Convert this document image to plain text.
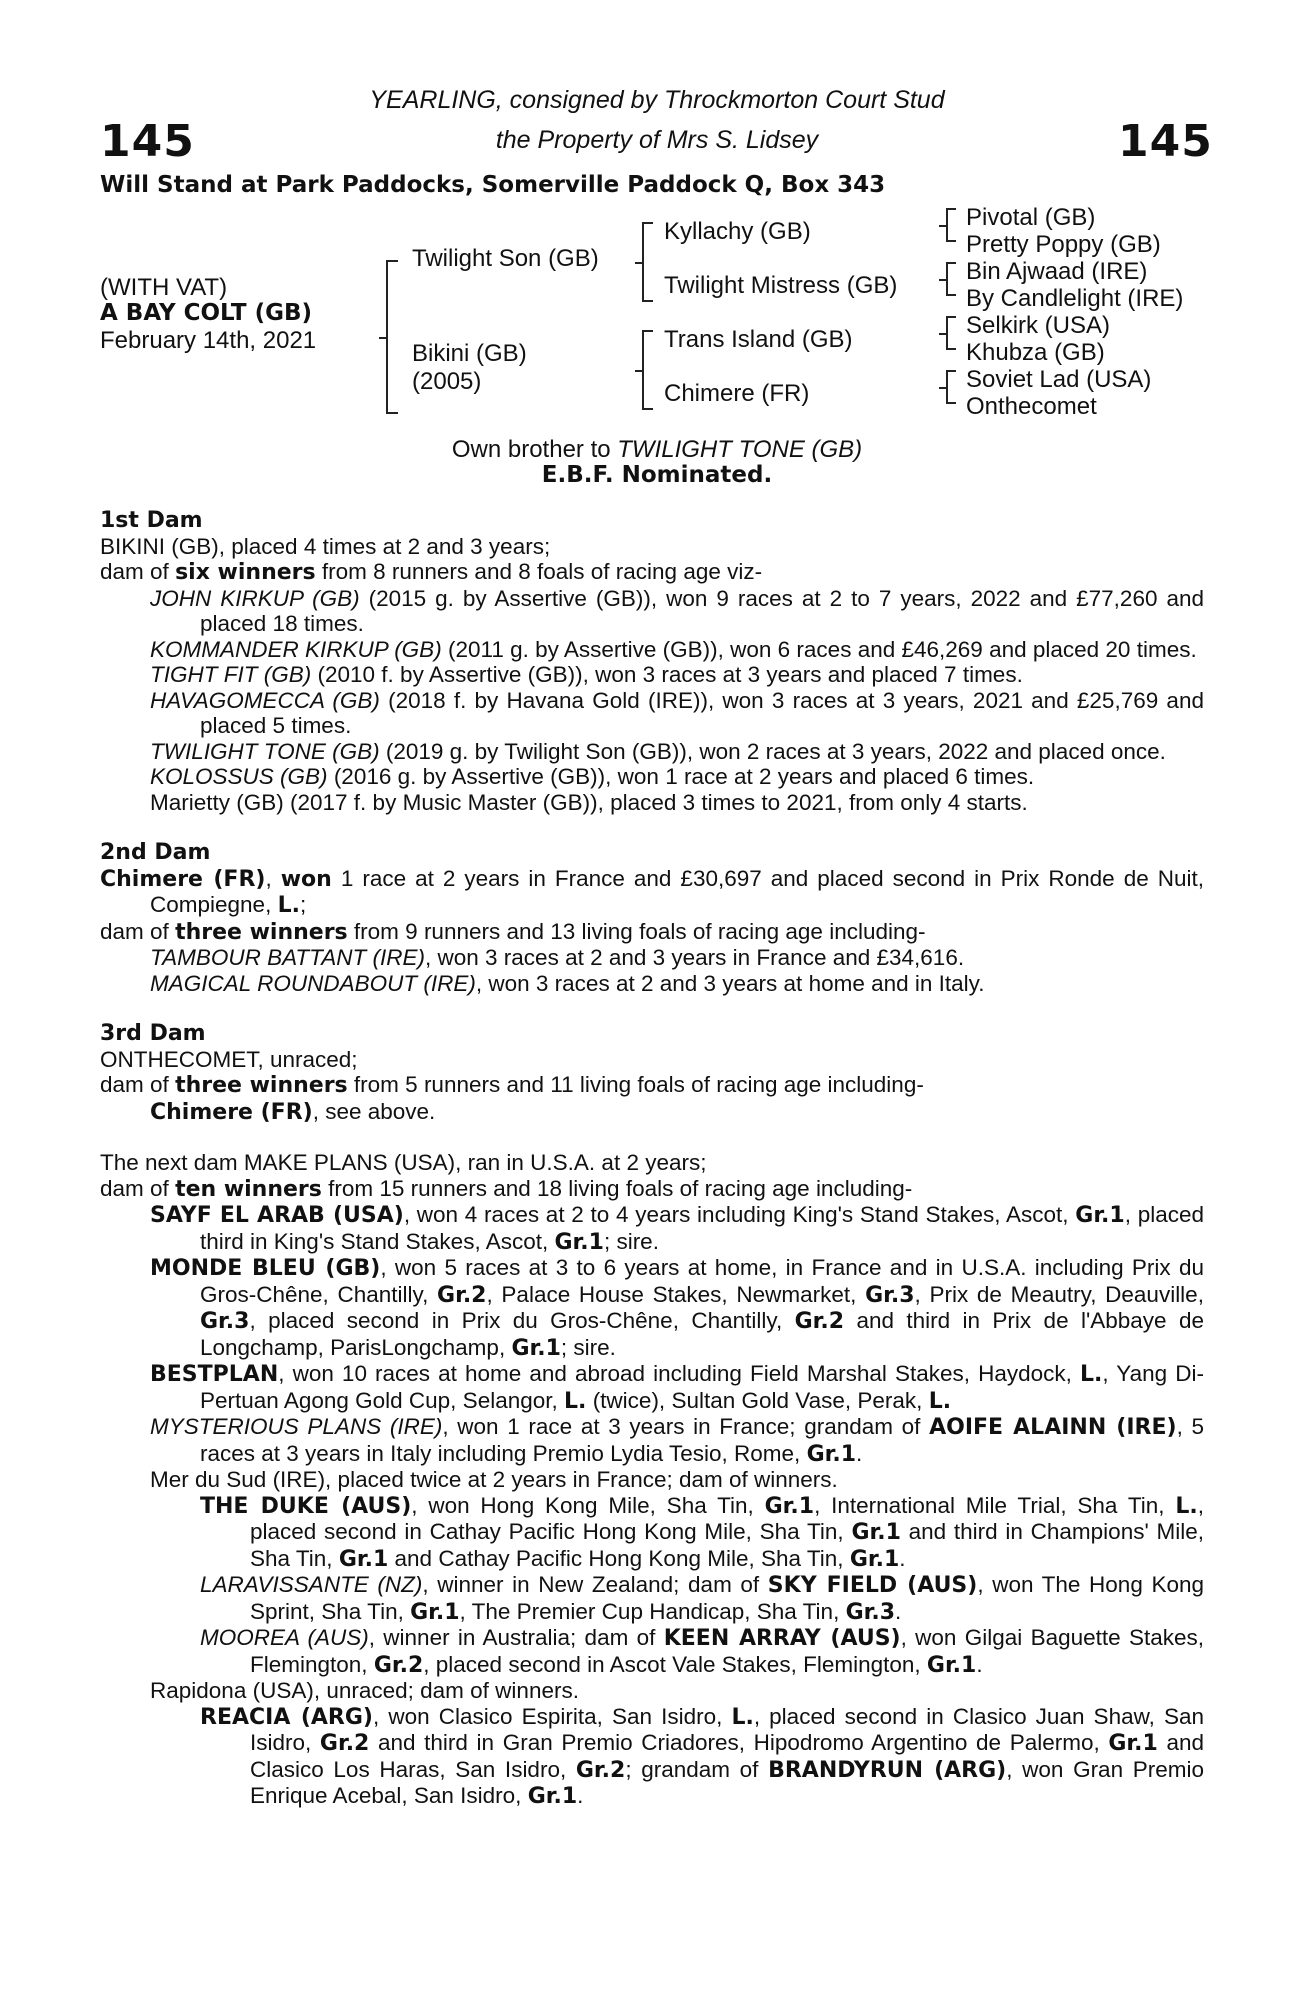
145	145
YEARLING, consigned by Throckmorton Court Stud
the Property of Mrs S. Lidsey
Will Stand at Park Paddocks, Somerville Paddock Q, Box 343
(WITH VAT)
A BAY COLT (GB)
February 14th, 2021
Twilight Son (GB)
Bikini (GB)
(2005)
Kyllachy (GB)
Twilight Mistress (GB)
Trans Island (GB)
Chimere (FR)
Pivotal (GB)
Pretty Poppy (GB)
Bin Ajwaad (IRE)
By Candlelight (IRE)
Selkirk (USA)
Khubza (GB)
Soviet Lad (USA)
Onthecomet
Own brother to TWILIGHT TONE (GB)
E.B.F. Nominated.
1st Dam

BIKINI (GB), placed 4 times at 2 and 3 years;

dam of six winners from 8 runners and 8 foals of racing age viz-

JOHN KIRKUP (GB) (2015 g. by Assertive (GB)), won 9 races at 2 to 7 years, 2022 and £77,260 and placed 18 times.

KOMMANDER KIRKUP (GB) (2011 g. by Assertive (GB)), won 6 races and £46,269 and placed 20 times.

TIGHT FIT (GB) (2010 f. by Assertive (GB)), won 3 races at 3 years and placed 7 times.

HAVAGOMECCA (GB) (2018 f. by Havana Gold (IRE)), won 3 races at 3 years, 2021 and £25,769 and placed 5 times.

TWILIGHT TONE (GB) (2019 g. by Twilight Son (GB)), won 2 races at 3 years, 2022 and placed once.

KOLOSSUS (GB) (2016 g. by Assertive (GB)), won 1 race at 2 years and placed 6 times.

Marietty (GB) (2017 f. by Music Master (GB)), placed 3 times to 2021, from only 4 starts.

2nd Dam

Chimere (FR), won 1 race at 2 years in France and £30,697 and placed second in Prix Ronde de Nuit, Compiegne, L.;

dam of three winners from 9 runners and 13 living foals of racing age including-

TAMBOUR BATTANT (IRE), won 3 races at 2 and 3 years in France and £34,616.

MAGICAL ROUNDABOUT (IRE), won 3 races at 2 and 3 years at home and in Italy.

3rd Dam

ONTHECOMET, unraced;

dam of three winners from 5 runners and 11 living foals of racing age including-

Chimere (FR), see above.

The next dam MAKE PLANS (USA), ran in U.S.A. at 2 years;

dam of ten winners from 15 runners and 18 living foals of racing age including-

SAYF EL ARAB (USA), won 4 races at 2 to 4 years including King's Stand Stakes, Ascot, Gr.1, placed third in King's Stand Stakes, Ascot, Gr.1; sire.

MONDE BLEU (GB), won 5 races at 3 to 6 years at home, in France and in U.S.A. including Prix du Gros-Chêne, Chantilly, Gr.2, Palace House Stakes, Newmarket, Gr.3, Prix de Meautry, Deauville, Gr.3, placed second in Prix du Gros-Chêne, Chantilly, Gr.2 and third in Prix de l'Abbaye de Longchamp, ParisLongchamp, Gr.1; sire.

BESTPLAN, won 10 races at home and abroad including Field Marshal Stakes, Haydock, L., Yang Di- Pertuan Agong Gold Cup, Selangor, L. (twice), Sultan Gold Vase, Perak, L.

MYSTERIOUS PLANS (IRE), won 1 race at 3 years in France; grandam of AOIFE ALAINN (IRE), 5 races at 3 years in Italy including Premio Lydia Tesio, Rome, Gr.1.

Mer du Sud (IRE), placed twice at 2 years in France; dam of winners.

THE DUKE (AUS), won Hong Kong Mile, Sha Tin, Gr.1, International Mile Trial, Sha Tin, L., placed second in Cathay Pacific Hong Kong Mile, Sha Tin, Gr.1 and third in Champions' Mile, Sha Tin, Gr.1 and Cathay Pacific Hong Kong Mile, Sha Tin, Gr.1.

LARAVISSANTE (NZ), winner in New Zealand; dam of SKY FIELD (AUS), won The Hong Kong Sprint, Sha Tin, Gr.1, The Premier Cup Handicap, Sha Tin, Gr.3.

MOOREA (AUS), winner in Australia; dam of KEEN ARRAY (AUS), won Gilgai Baguette Stakes, Flemington, Gr.2, placed second in Ascot Vale Stakes, Flemington, Gr.1.

Rapidona (USA), unraced; dam of winners.

REACIA (ARG), won Clasico Espirita, San Isidro, L., placed second in Clasico Juan Shaw, San Isidro, Gr.2 and third in Gran Premio Criadores, Hipodromo Argentino de Palermo, Gr.1 and Clasico Los Haras, San Isidro, Gr.2; grandam of BRANDYRUN (ARG), won Gran Premio Enrique Acebal, San Isidro, Gr.1.
